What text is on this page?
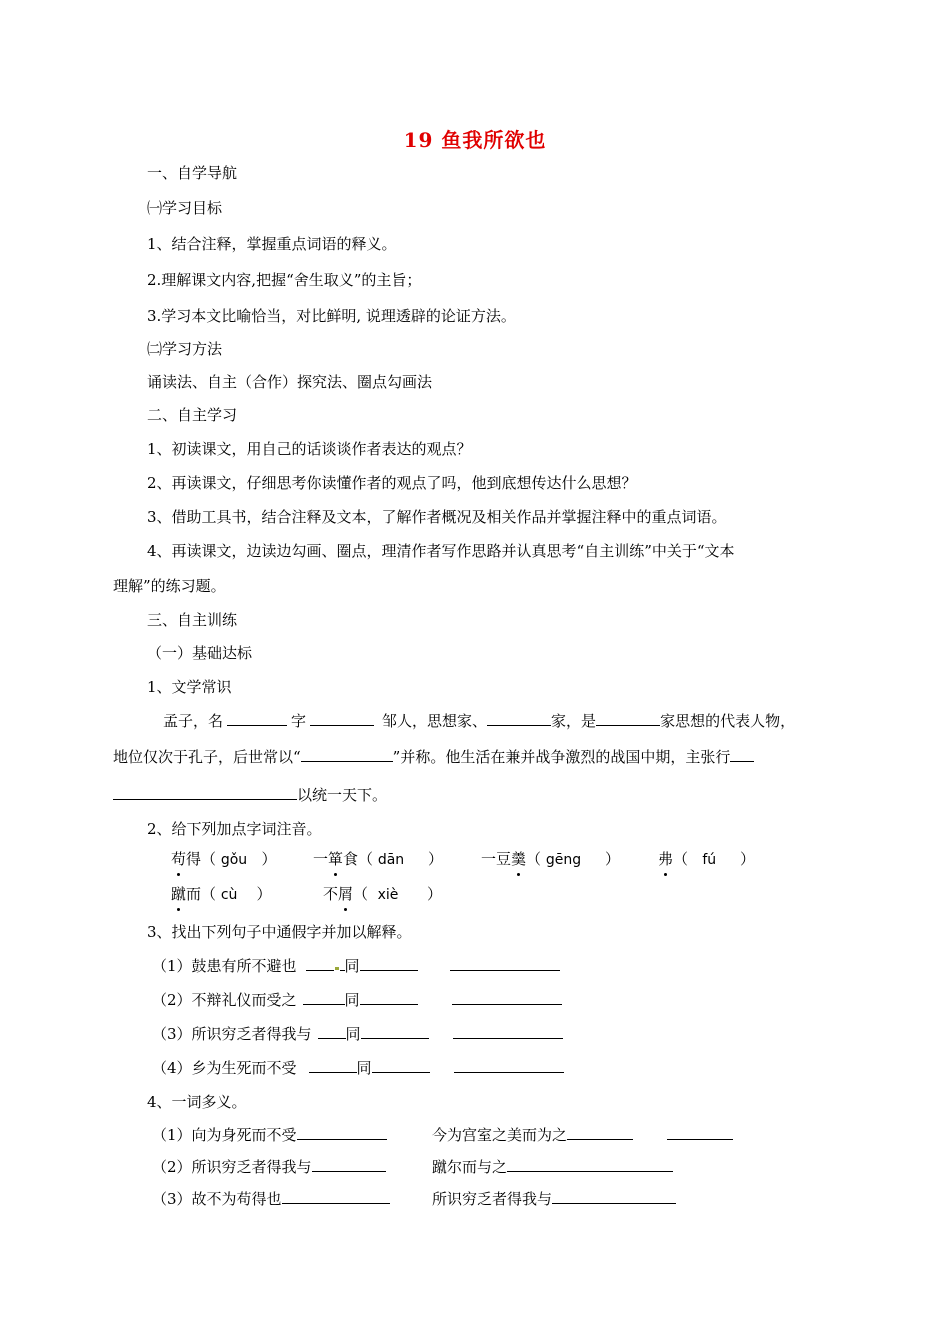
19 鱼我所欲也
一、自学导航
㈠学习目标
1、结合注释，掌握重点词语的释义。
2.理解课文内容,把握“舍生取义”的主旨；
3.学习本文比喻恰当，对比鲜明, 说理透辟的论证方法。
㈡学习方法
诵读法、自主（合作）探究法、圈点勾画法
二、自主学习
1、初读课文，用自己的话谈谈作者表达的观点？
2、再读课文，仔细思考你读懂作者的观点了吗，他到底想传达什么思想？
3、借助工具书，结合注释及文本，了解作者概况及相关作品并掌握注释中的重点词语。
4、再读课文，边读边勾画、圈点，理清作者写作思路并认真思考“自主训练”中关于“文本
理解”的练习题。
三、自主训练
（一）基础达标
1、文学常识
孟子，名	字	邹人，思想家、	家，是	家思想的代表人物，
地位仅次于孔子，后世常以“	”并称。他生活在兼并战争激烈的战国中期，主张行
以统一天下。
2、给下列加点字词注音。
苟得（ gǒu ） 一箪食（ dān ）	一豆羹（ gēng ）	弗（ fú ）
蹴而（ cù ）	不屑（ xiè ）
3、找出下列句子中通假字并加以解释。
（1）鼓患有所不避也	同
（2）不辩礼仪而受之	同
（3）所识穷乏者得我与 同
（4）乡为生死而不受	同
4、一词多义。
（1）向为身死而不受	今为宫室之美而为之
（2）所识穷乏者得我与	蹴尔而与之
（3）故不为苟得也	所识穷乏者得我与
